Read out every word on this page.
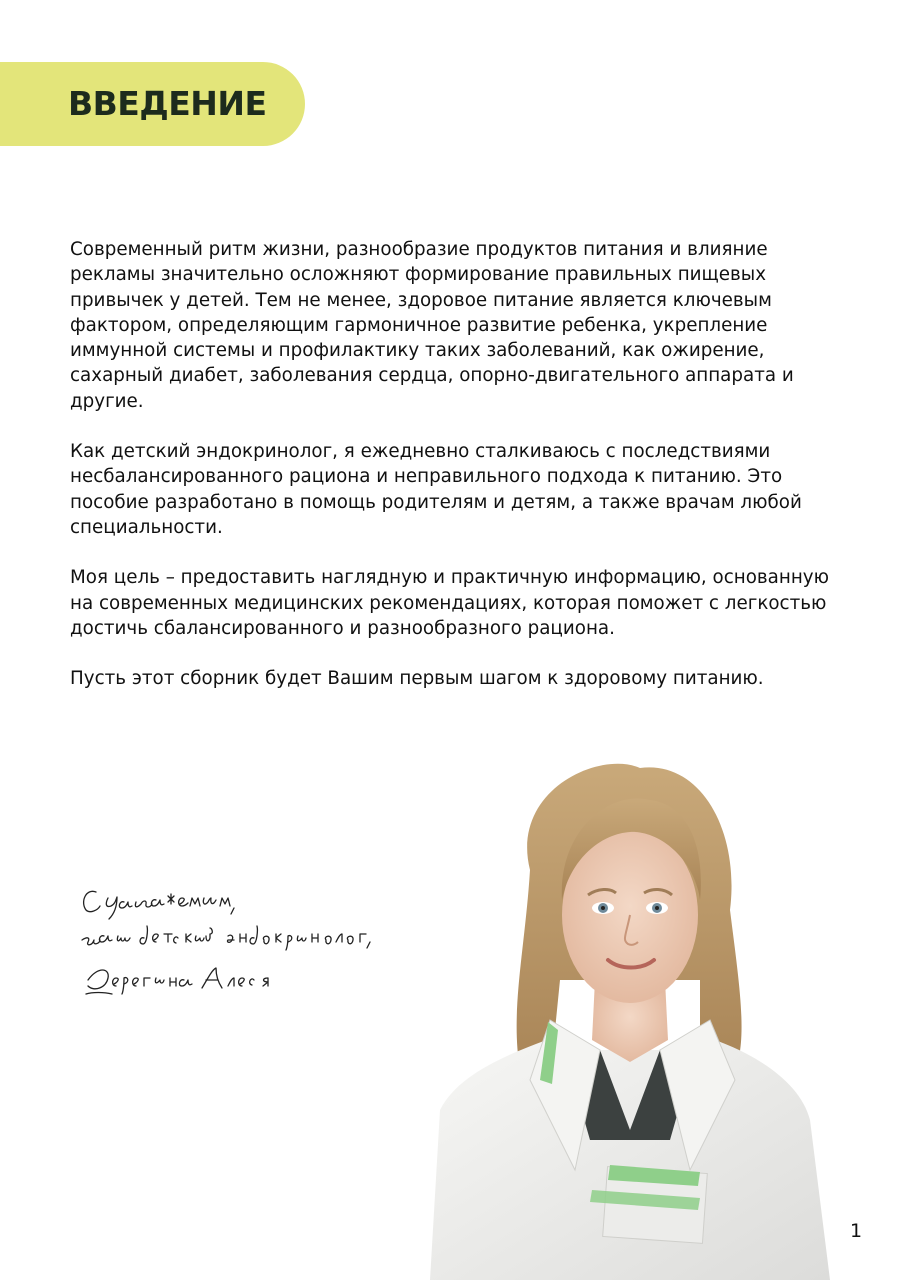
ВВЕДЕНИЕ

Современный ритм жизни, разнообразие продуктов питания и влияние рекламы значительно осложняют формирование правильных пищевых привычек у детей. Тем не менее, здоровое питание является ключевым фактором, определяющим гармоничное развитие ребенка, укрепление иммунной системы и профилактику таких заболеваний, как ожирение, сахарный диабет, заболевания сердца, опорно-двигательного аппарата и другие.

Как детский эндокринолог, я ежедневно сталкиваюсь с последствиями несбалансированного рациона и неправильного подхода к питанию. Это пособие разработано в помощь родителям и детям, а также врачам любой специальности.

Моя цель – предоставить наглядную и практичную информацию, основанную на современных медицинских рекомендациях, которая поможет с легкостью достичь сбалансированного и разнообразного рациона.

Пусть этот сборник будет Вашим первым шагом к здоровому питанию.

1
